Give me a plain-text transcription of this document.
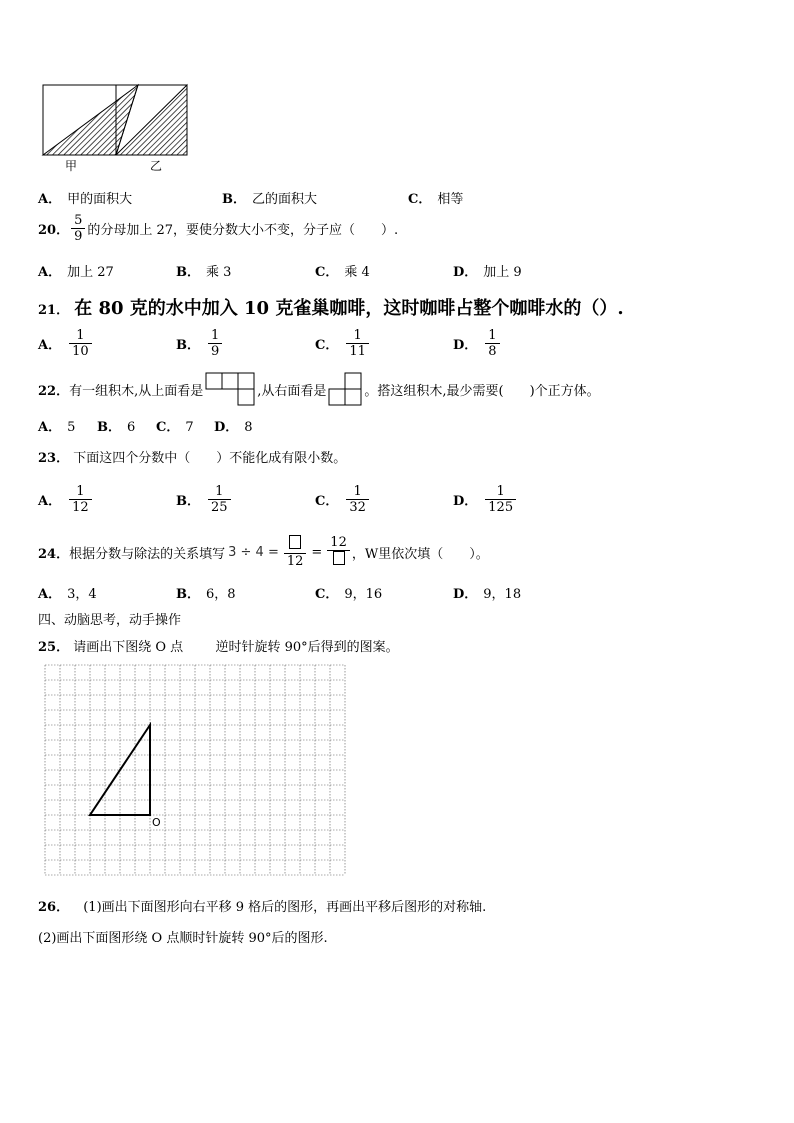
甲	乙
A． 甲的面积大	B． 乙的面积大	C． 相等
20． $\frac{5}{9}$ 的分母加上 27，要使分数大小不变，分子应（　　）.
A． 加上 27	B． 乘 3	C． 乘 4	D． 加上 9
21． 在 80 克的水中加入 10 克雀巢咖啡，这时咖啡占整个咖啡水的（）.
A． $\frac{1}{10}$	B． $\frac{1}{9}$	C． $\frac{1}{11}$	D． $\frac{1}{8}$
22． 有一组积木,从上面看是	,从右面看是	。搭这组积木,最少需要(　　)个正方体。
A． 5 B． 6 C． 7 D． 8
23． 下面这四个分数中（　　）不能化成有限小数。
A． $\frac{1}{12}$	B． $\frac{1}{25}$	C． $\frac{1}{32}$	D． $\frac{1}{125}$
24． 根据分数与除法的关系填写 3 ÷ 4 =
12
=
12
，W里依次填（　　）。
A． 3，4	B． 6，8	C． 9，16	D． 9，18
四、动脑思考，动手操作
25． 请画出下图绕 O 点 逆时针旋转 90°后得到的图案。
O
26． (1)画出下面图形向右平移 9 格后的图形，再画出平移后图形的对称轴.
(2)画出下面图形绕 O 点顺时针旋转 90°后的图形.
